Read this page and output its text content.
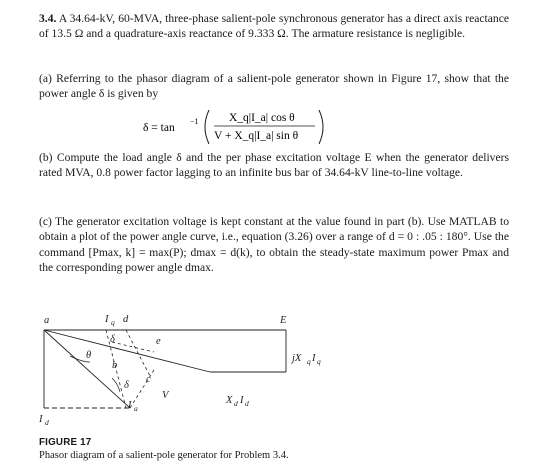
3.4. A 34.64-kV, 60-MVA, three-phase salient-pole synchronous generator has a direct axis reactance of 13.5 Ω and a quadrature-axis reactance of 9.333 Ω. The armature resistance is negligible.
(a) Referring to the phasor diagram of a salient-pole generator shown in Figure 17, show that the power angle δ is given by
δ = tan
−1	X_q|I_a| cos θ
V + X_q|I_a| sin θ
(b) Compute the load angle δ and the per phase excitation voltage E when the generator delivers rated MVA, 0.8 power factor lagging to an infinite bus bar of 34.64-kV line-to-line voltage.
(c) The generator excitation voltage is kept constant at the value found in part (b). Use MATLAB to obtain a plot of the power angle curve, i.e., equation (3.26) over a range of d = 0 : .05 : 180°. Use the command [Pmax, k] = max(P); dmax = d(k), to obtain the steady-state maximum power Pmax and the corresponding power angle dmax.
a	I q d
δ	e
θ
b
δ
c
V
I a
I d
E
jX q I q
X d I d
FIGURE 17
Phasor diagram of a salient-pole generator for Problem 3.4.
